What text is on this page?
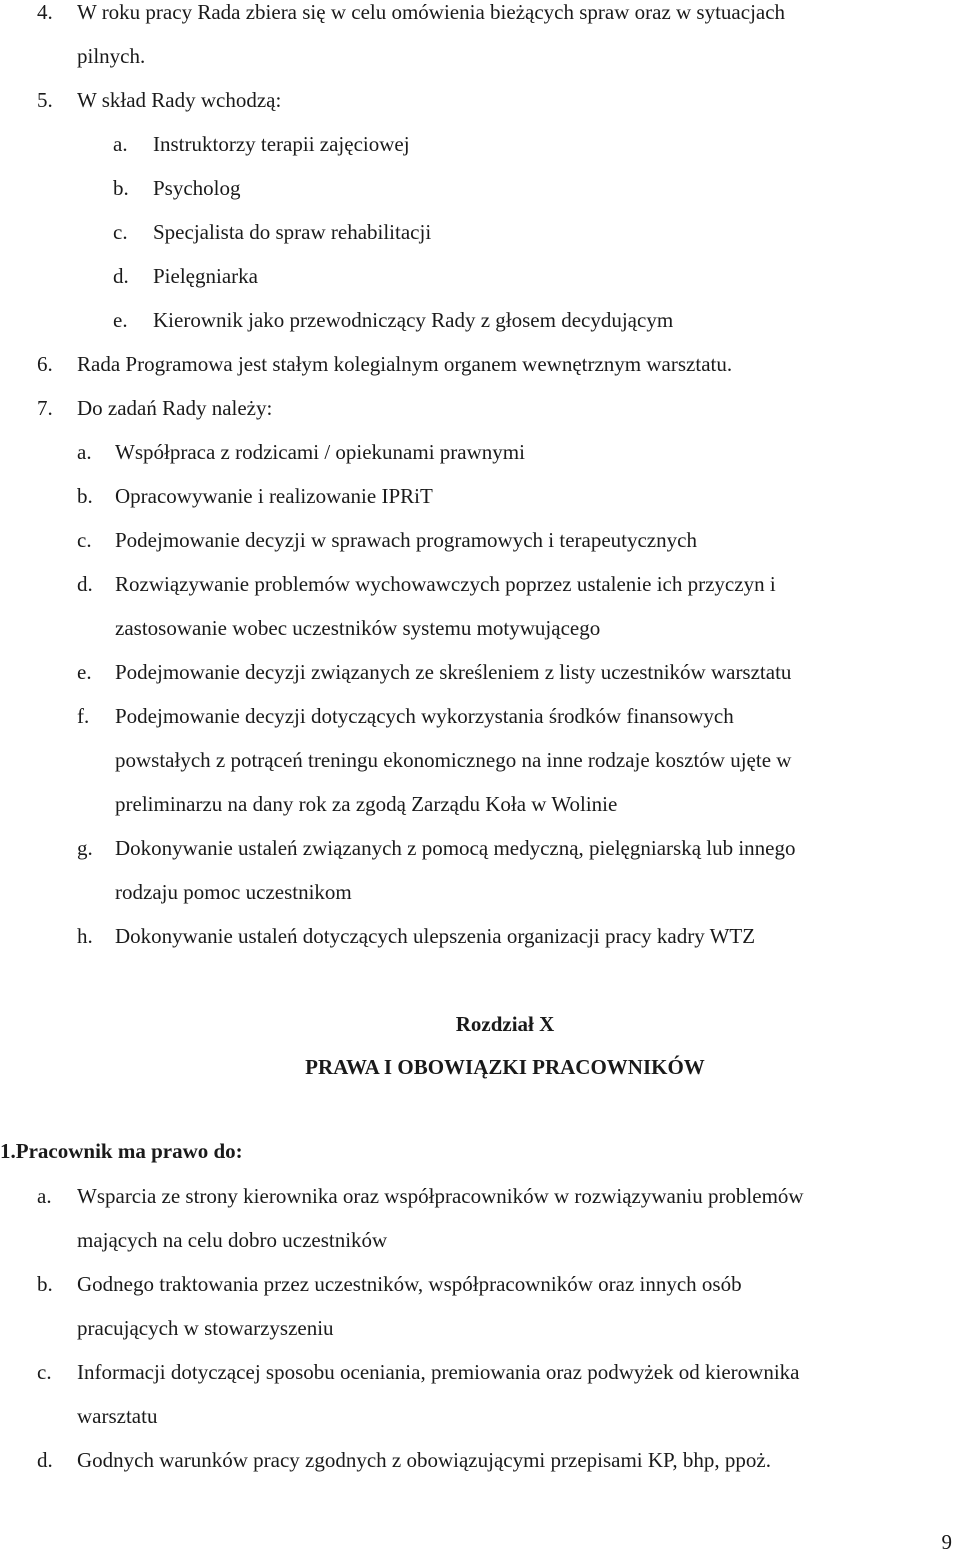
4. W roku pracy Rada zbiera się w celu omówienia bieżących spraw oraz w sytuacjach
pilnych.
5. W skład Rady wchodzą:
a. Instruktorzy terapii zajęciowej
b. Psycholog
c. Specjalista do spraw rehabilitacji
d. Pielęgniarka
e. Kierownik jako przewodniczący Rady z głosem decydującym
6. Rada Programowa jest stałym kolegialnym organem wewnętrznym warsztatu.
7. Do zadań Rady należy:
a. Współpraca z rodzicami / opiekunami prawnymi
b. Opracowywanie i realizowanie IPRiT
c. Podejmowanie decyzji w sprawach programowych i terapeutycznych
d. Rozwiązywanie problemów wychowawczych poprzez ustalenie ich przyczyn i
zastosowanie wobec uczestników systemu motywującego
e. Podejmowanie decyzji związanych ze skreśleniem z listy uczestników warsztatu
f. Podejmowanie decyzji dotyczących wykorzystania środków finansowych
powstałych z potrąceń treningu ekonomicznego na inne rodzaje kosztów ujęte w
preliminarzu na dany rok za zgodą Zarządu Koła w Wolinie
g. Dokonywanie ustaleń związanych z pomocą medyczną, pielęgniarską lub innego
rodzaju pomoc uczestnikom
h. Dokonywanie ustaleń dotyczących ulepszenia organizacji pracy kadry WTZ
Rozdział X
PRAWA I OBOWIĄZKI PRACOWNIKÓW
1.Pracownik ma prawo do:
a. Wsparcia ze strony kierownika oraz współpracowników w rozwiązywaniu problemów
mających na celu dobro uczestników
b. Godnego traktowania przez uczestników, współpracowników oraz innych osób
pracujących w stowarzyszeniu
c. Informacji dotyczącej sposobu oceniania, premiowania oraz podwyżek od kierownika
warsztatu
d. Godnych warunków pracy zgodnych z obowiązującymi przepisami KP, bhp, ppoż.
9
